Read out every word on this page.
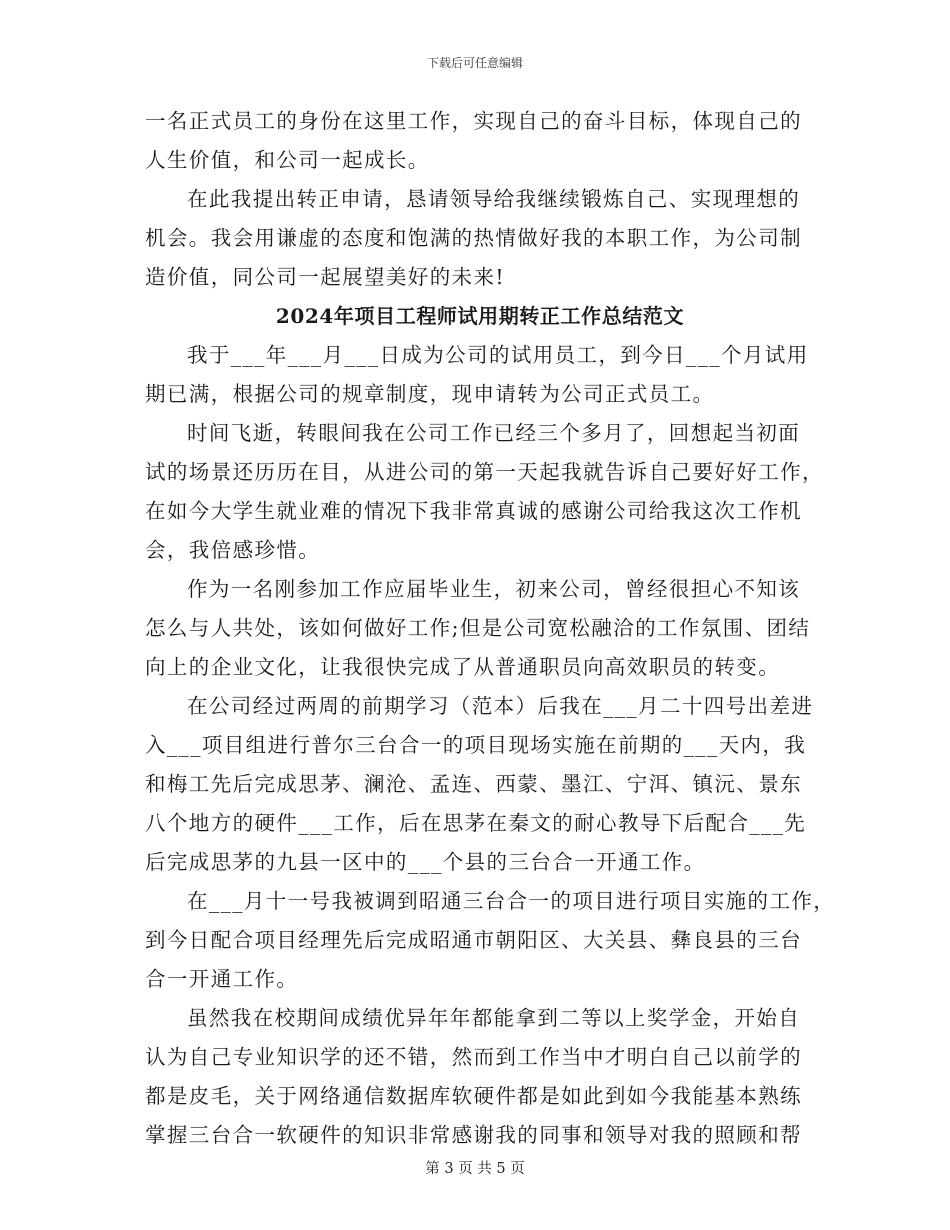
下载后可任意编辑
一名正式员工的身份在这里工作，实现自己的奋斗目标，体现自己的
人生价值，和公司一起成长。
在此我提出转正申请，恳请领导给我继续锻炼自己、实现理想的
机会。我会用谦虚的态度和饱满的热情做好我的本职工作，为公司制
造价值，同公司一起展望美好的未来!
2024年项目工程师试用期转正工作总结范文
我于___年___月___日成为公司的试用员工，到今日___个月试用
期已满，根据公司的规章制度，现申请转为公司正式员工。
时间飞逝，转眼间我在公司工作已经三个多月了，回想起当初面
试的场景还历历在目，从进公司的第一天起我就告诉自己要好好工作，
在如今大学生就业难的情况下我非常真诚的感谢公司给我这次工作机
会，我倍感珍惜。
作为一名刚参加工作应届毕业生，初来公司，曾经很担心不知该
怎么与人共处，该如何做好工作;但是公司宽松融洽的工作氛围、团结
向上的企业文化，让我很快完成了从普通职员向高效职员的转变。
在公司经过两周的前期学习（范本）后我在___月二十四号出差进
入___项目组进行普尔三台合一的项目现场实施在前期的___天内，我
和梅工先后完成思茅、澜沧、孟连、西蒙、墨江、宁洱、镇沅、景东
八个地方的硬件___工作，后在思茅在秦文的耐心教导下后配合___先
后完成思茅的九县一区中的___个县的三台合一开通工作。
在___月十一号我被调到昭通三台合一的项目进行项目实施的工作，
到今日配合项目经理先后完成昭通市朝阳区、大关县、彝良县的三台
合一开通工作。
虽然我在校期间成绩优异年年都能拿到二等以上奖学金，开始自
认为自己专业知识学的还不错，然而到工作当中才明白自己以前学的
都是皮毛，关于网络通信数据库软硬件都是如此到如今我能基本熟练
掌握三台合一软硬件的知识非常感谢我的同事和领导对我的照顾和帮
第 3 页 共 5 页
